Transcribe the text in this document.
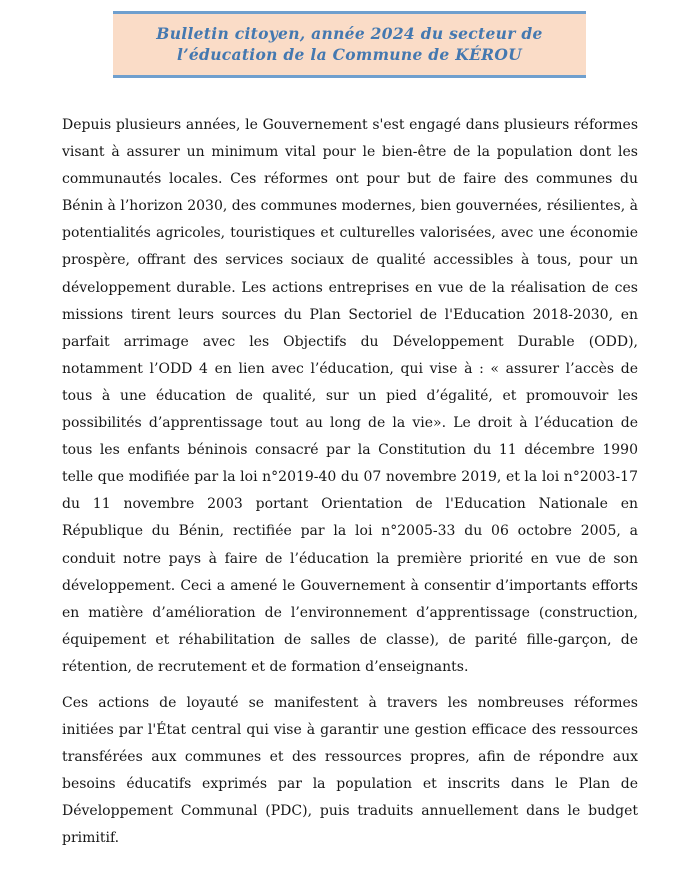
Bulletin citoyen, année 2024 du secteur de l’éducation de la Commune de KÉROU

Depuis plusieurs années, le Gouvernement s'est engagé dans plusieurs réformes visant à assurer un minimum vital pour le bien-être de la population dont les communautés locales. Ces réformes ont pour but de faire des communes du Bénin à l’horizon 2030, des communes modernes, bien gouvernées, résilientes, à potentialités agricoles, touristiques et culturelles valorisées, avec une économie prospère, offrant des services sociaux de qualité accessibles à tous, pour un développement durable. Les actions entreprises en vue de la réalisation de ces missions tirent leurs sources du Plan Sectoriel de l'Education 2018-2030, en parfait arrimage avec les Objectifs du Développement Durable (ODD), notamment l’ODD 4 en lien avec l’éducation, qui vise à : « assurer l’accès de tous à une éducation de qualité, sur un pied d’égalité, et promouvoir les possibilités d’apprentissage tout au long de la vie». Le droit à l’éducation de tous les enfants béninois consacré par la Constitution du 11 décembre 1990 telle que modifiée par la loi n°2019-40 du 07 novembre 2019, et la loi n°2003-17 du 11 novembre 2003 portant Orientation de l'Education Nationale en République du Bénin, rectifiée par la loi n°2005-33 du 06 octobre 2005, a conduit notre pays à faire de l’éducation la première priorité en vue de son développement. Ceci a amené le Gouvernement à consentir d’importants efforts en matière d’amélioration de l’environnement d’apprentissage (construction, équipement et réhabilitation de salles de classe), de parité fille-garçon, de rétention, de recrutement et de formation d’enseignants.

Ces actions de loyauté se manifestent à travers les nombreuses réformes initiées par l'État central qui vise à garantir une gestion efficace des ressources transférées aux communes et des ressources propres, afin de répondre aux besoins éducatifs exprimés par la population et inscrits dans le Plan de Développement Communal (PDC), puis traduits annuellement dans le budget primitif.
